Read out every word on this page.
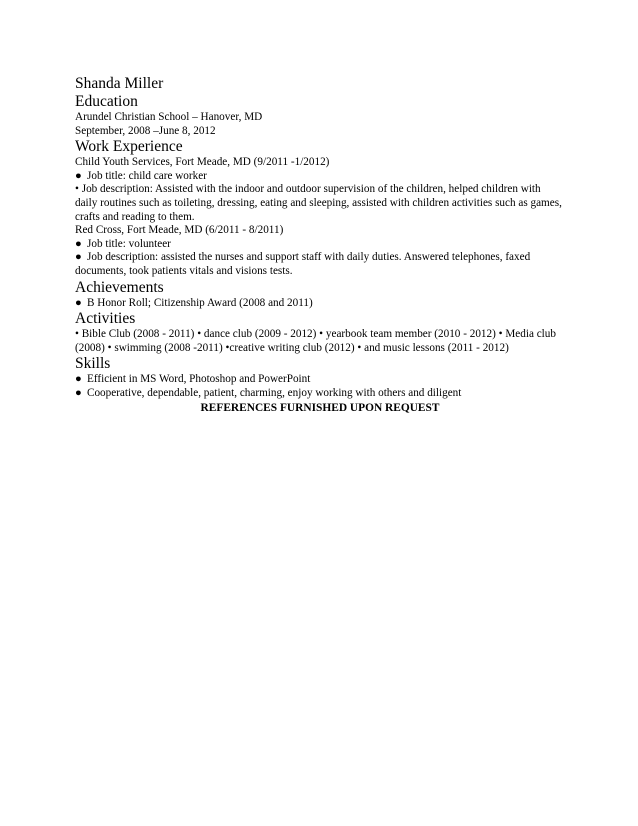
Shanda Miller
Education
Arundel Christian School – Hanover, MD
September, 2008 –June 8, 2012
Work Experience
Child Youth Services, Fort Meade, MD (9/2011 -1/2012)
● Job title: child care worker
• Job description: Assisted with the indoor and outdoor supervision of the children, helped children with daily routines such as toileting, dressing, eating and sleeping, assisted with children activities such as games, crafts and reading to them.
Red Cross, Fort Meade, MD (6/2011 - 8/2011)
● Job title: volunteer
● Job description: assisted the nurses and support staff with daily duties. Answered telephones, faxed documents, took patients vitals and visions tests.
Achievements
● B Honor Roll; Citizenship Award (2008 and 2011)
Activities
• Bible Club (2008 - 2011) • dance club (2009 - 2012) • yearbook team member (2010 - 2012) • Media club (2008) • swimming (2008 -2011) •creative writing club (2012) • and music lessons (2011 - 2012)
Skills
● Efficient in MS Word, Photoshop and PowerPoint
● Cooperative, dependable, patient, charming, enjoy working with others and diligent
REFERENCES FURNISHED UPON REQUEST
